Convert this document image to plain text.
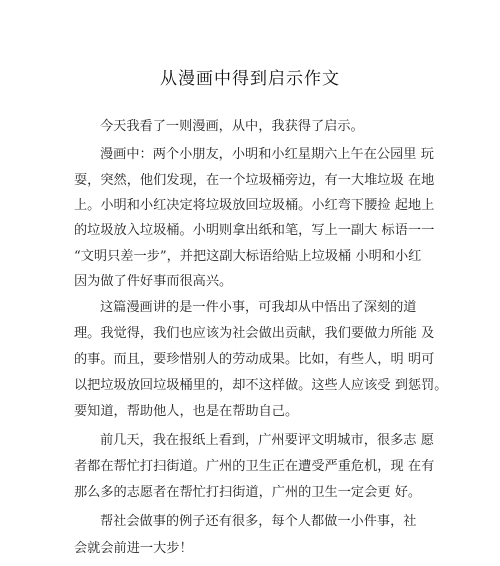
从漫画中得到启示作文
今天我看了一则漫画，从中，我获得了启示。
漫画中：两个小朋友，小明和小红星期六上午在公园里 玩
耍，突然，他们发现，在一个垃圾桶旁边，有一大堆垃圾 在地
上。小明和小红决定将垃圾放回垃圾桶。小红弯下腰捡 起地上
的垃圾放入垃圾桶。小明则拿出纸和笔，写上一副大 标语一一
“文明只差一步”，并把这副大标语给贴上垃圾桶 小明和小红
因为做了件好事而很高兴。
这篇漫画讲的是一件小事，可我却从中悟出了深刻的道
理。我觉得，我们也应该为社会做出贡献，我们要做力所能 及
的事。而且，要珍惜别人的劳动成果。比如，有些人，明 明可
以把垃圾放回垃圾桶里的，却不这样做。这些人应该受 到惩罚。
要知道，帮助他人，也是在帮助自己。
前几天，我在报纸上看到，广州要评文明城市，很多志 愿
者都在帮忙打扫街道。广州的卫生正在遭受严重危机，现 在有
那么多的志愿者在帮忙打扫街道，广州的卫生一定会更 好。
帮社会做事的例子还有很多，每个人都做一小件事，社
会就会前进一大步！
